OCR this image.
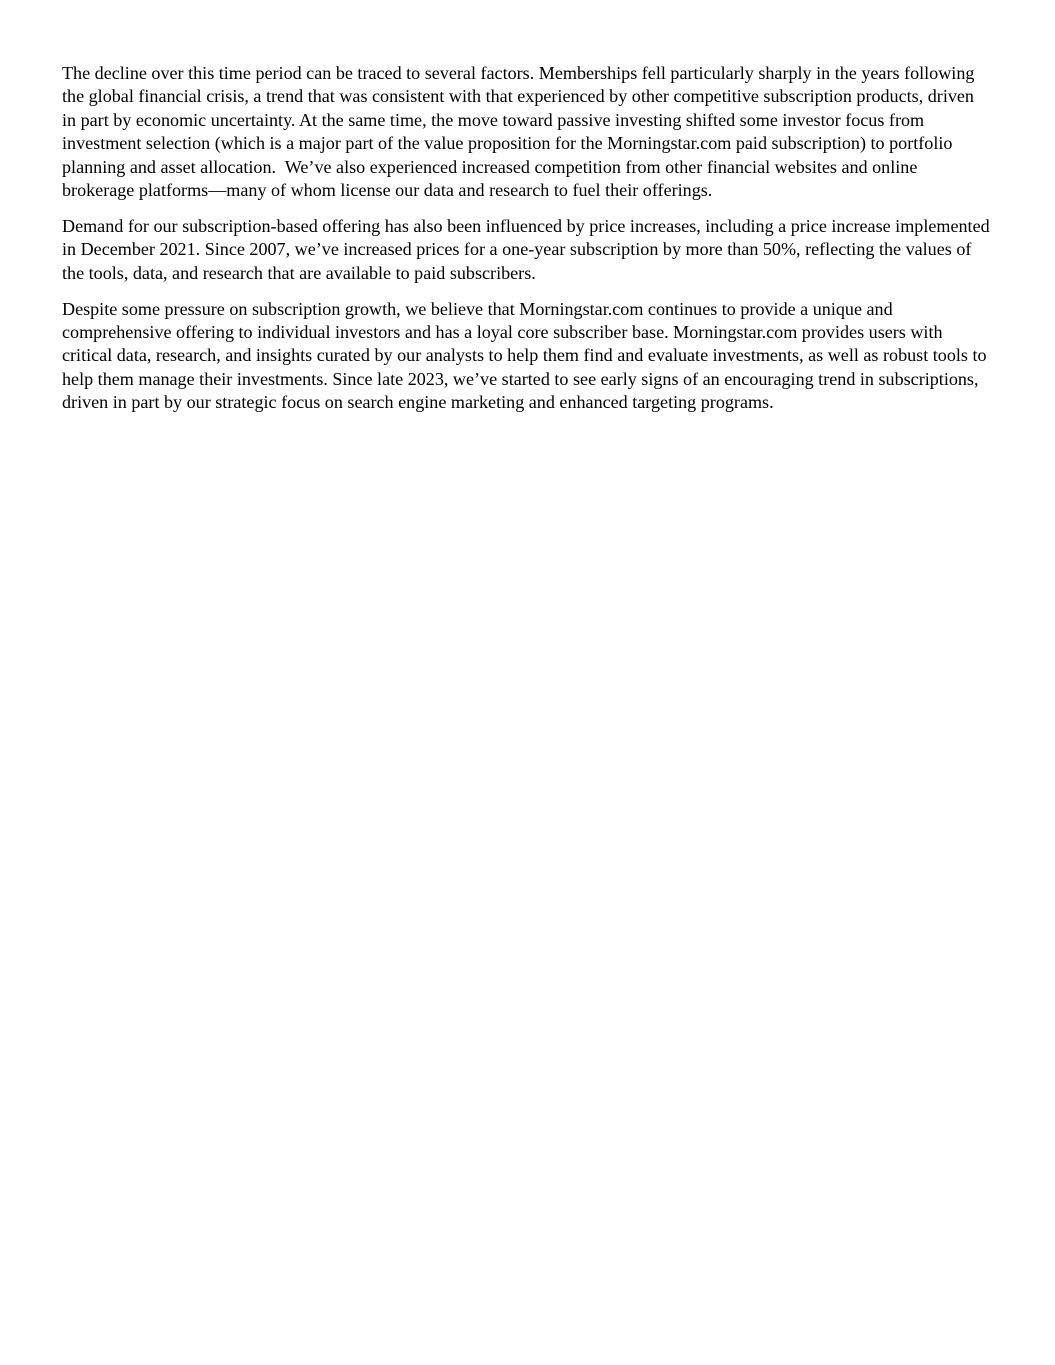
The decline over this time period can be traced to several factors. Memberships fell particularly sharply in the years following the global financial crisis, a trend that was consistent with that experienced by other competitive subscription products, driven in part by economic uncertainty. At the same time, the move toward passive investing shifted some investor focus from investment selection (which is a major part of the value proposition for the Morningstar.com paid subscription) to portfolio planning and asset allocation.  We’ve also experienced increased competition from other financial websites and online brokerage platforms—many of whom license our data and research to fuel their offerings.

Demand for our subscription-based offering has also been influenced by price increases, including a price increase implemented in December 2021. Since 2007, we’ve increased prices for a one-year subscription by more than 50%, reflecting the values of the tools, data, and research that are available to paid subscribers.

Despite some pressure on subscription growth, we believe that Morningstar.com continues to provide a unique and comprehensive offering to individual investors and has a loyal core subscriber base. Morningstar.com provides users with critical data, research, and insights curated by our analysts to help them find and evaluate investments, as well as robust tools to help them manage their investments. Since late 2023, we’ve started to see early signs of an encouraging trend in subscriptions, driven in part by our strategic focus on search engine marketing and enhanced targeting programs.
